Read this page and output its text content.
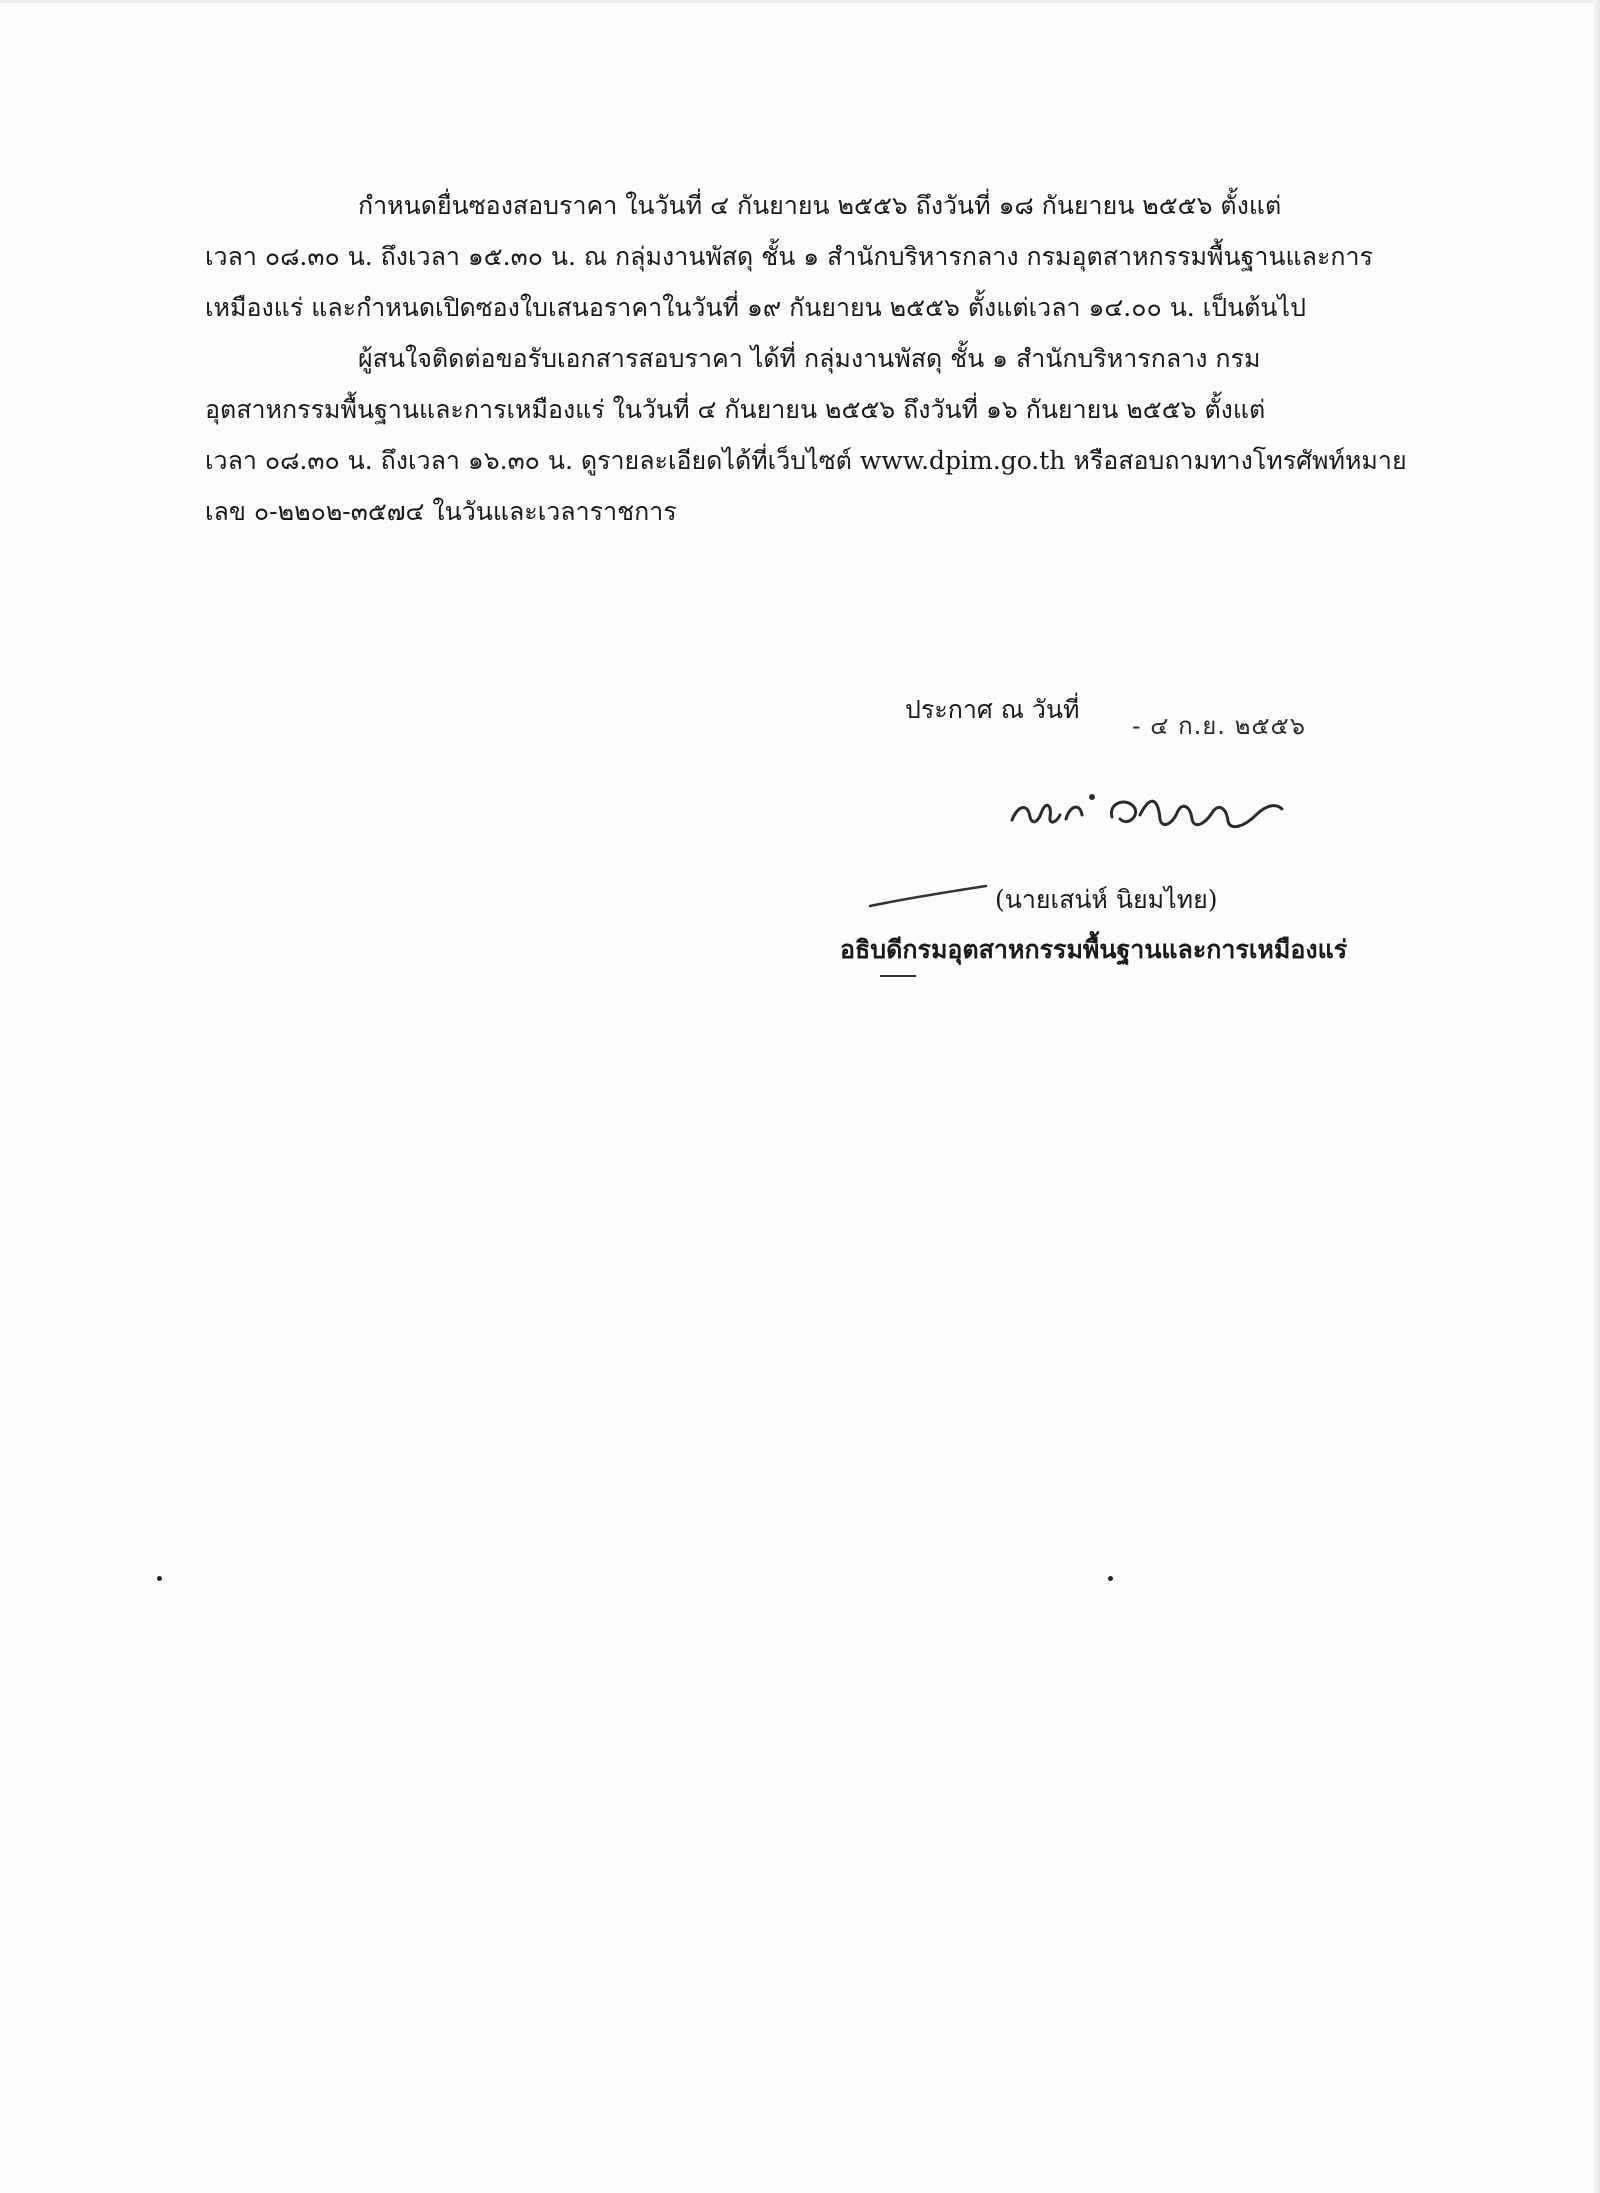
กำหนดยื่นซองสอบราคา ในวันที่ ๔ กันยายน ๒๕๕๖ ถึงวันที่ ๑๘ กันยายน ๒๕๕๖ ตั้งแต่
เวลา ๐๘.๓๐ น. ถึงเวลา ๑๕.๓๐ น. ณ กลุ่มงานพัสดุ ชั้น ๑ สำนักบริหารกลาง กรมอุตสาหกรรมพื้นฐานและการ
เหมืองแร่ และกำหนดเปิดซองใบเสนอราคาในวันที่ ๑๙ กันยายน ๒๕๕๖ ตั้งแต่เวลา ๑๔.๐๐ น. เป็นต้นไป
ผู้สนใจติดต่อขอรับเอกสารสอบราคา ได้ที่ กลุ่มงานพัสดุ ชั้น ๑ สำนักบริหารกลาง กรม
อุตสาหกรรมพื้นฐานและการเหมืองแร่ ในวันที่ ๔ กันยายน ๒๕๕๖ ถึงวันที่ ๑๖ กันยายน ๒๕๕๖ ตั้งแต่
เวลา ๐๘.๓๐ น. ถึงเวลา ๑๖.๓๐ น. ดูรายละเอียดได้ที่เว็บไซต์ www.dpim.go.th หรือสอบถามทางโทรศัพท์หมาย
เลข ๐-๒๒๐๒-๓๕๗๔ ในวันและเวลาราชการ
ประกาศ ณ วันที่
- ๔ ก.ย. ๒๕๕๖
(นายเสน่ห์ นิยมไทย)
อธิบดีกรมอุตสาหกรรมพื้นฐานและการเหมืองแร่
